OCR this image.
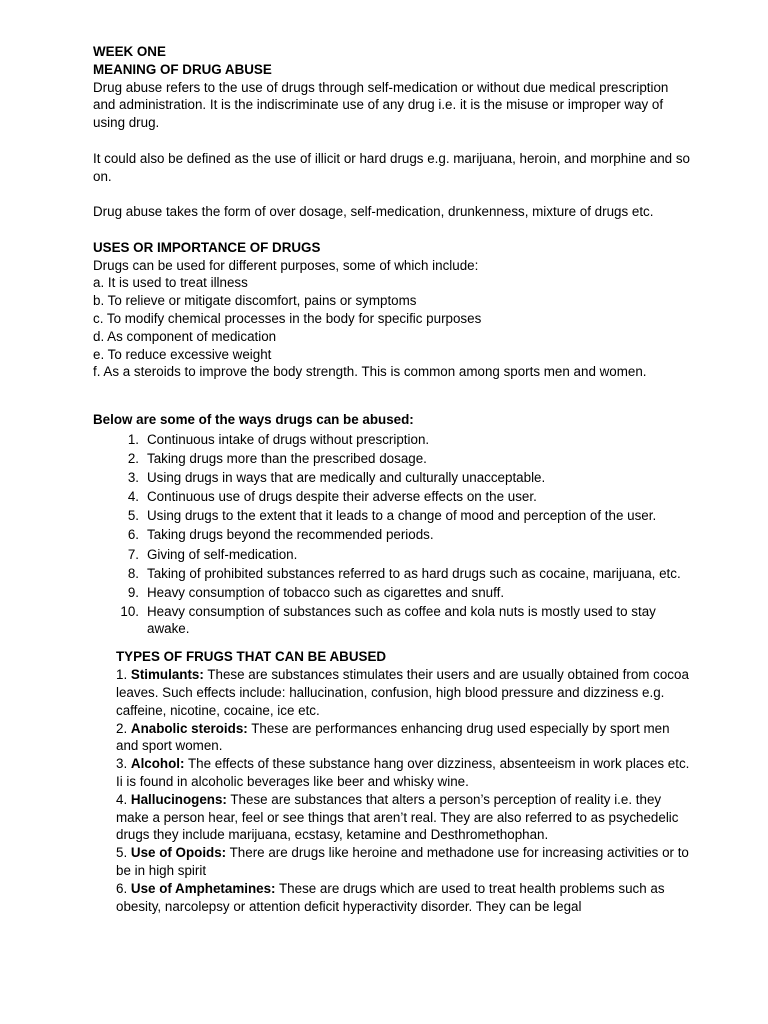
WEEK ONE

MEANING OF DRUG ABUSE

Drug abuse refers to the use of drugs through self-medication or without due medical prescription and administration. It is the indiscriminate use of any drug i.e. it is the misuse or improper way of using drug.

It could also be defined as the use of illicit or hard drugs e.g. marijuana, heroin, and morphine and so on.

Drug abuse takes the form of over dosage, self-medication, drunkenness, mixture of drugs etc.

USES OR IMPORTANCE OF DRUGS

Drugs can be used for different purposes, some of which include:

a. It is used to treat illness

b. To relieve or mitigate discomfort, pains or symptoms

c. To modify chemical processes in the body for specific purposes

d. As component of medication

e. To reduce excessive weight

f. As a steroids to improve the body strength. This is common among sports men and women.

Below are some of the ways drugs can be abused:

1. Continuous intake of drugs without prescription.
2. Taking drugs more than the prescribed dosage.
3. Using drugs in ways that are medically and culturally unacceptable.
4. Continuous use of drugs despite their adverse effects on the user.
5. Using drugs to the extent that it leads to a change of mood and perception of the user.
6. Taking drugs beyond the recommended periods.
7. Giving of self-medication.
8. Taking of prohibited substances referred to as hard drugs such as cocaine, marijuana, etc.
9. Heavy consumption of tobacco such as cigarettes and snuff.
10. Heavy consumption of substances such as coffee and kola nuts is mostly used to stay awake.

TYPES OF FRUGS THAT CAN BE ABUSED

1. Stimulants: These are substances stimulates their users and are usually obtained from cocoa leaves. Such effects include: hallucination, confusion, high blood pressure and dizziness e.g. caffeine, nicotine, cocaine, ice etc.

2. Anabolic steroids: These are performances enhancing drug used especially by sport men and sport women.

3. Alcohol: The effects of these substance hang over dizziness, absenteeism in work places etc. Ii is found in alcoholic beverages like beer and whisky wine.

4. Hallucinogens: These are substances that alters a person’s perception of reality i.e. they make a person hear, feel or see things that aren’t real. They are also referred to as psychedelic drugs they include marijuana, ecstasy, ketamine and Desthromethophan.

5. Use of Opoids: There are drugs like heroine and methadone use for increasing activities or to be in high spirit

6. Use of Amphetamines: These are drugs which are used to treat health problems such as obesity, narcolepsy or attention deficit hyperactivity disorder. They can be legal
